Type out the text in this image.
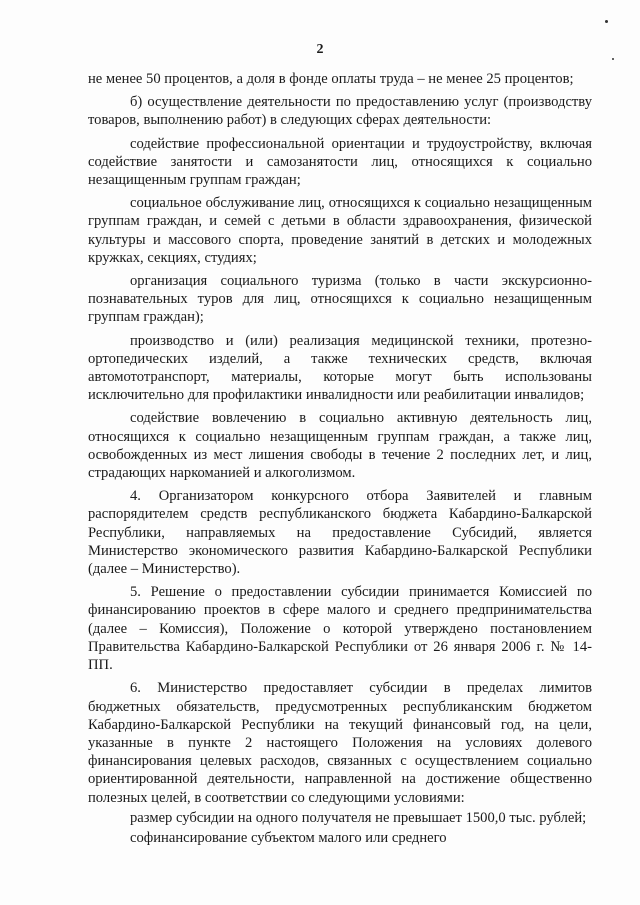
2

не менее 50 процентов, а доля в фонде оплаты труда – не менее 25 процентов;

б) осуществление деятельности по предоставлению услуг (производству товаров, выполнению работ) в следующих сферах деятельности:

содействие профессиональной ориентации и трудоустройству, включая содействие занятости и самозанятости лиц, относящихся к социально незащищенным группам граждан;

социальное обслуживание лиц, относящихся к социально незащищенным группам граждан, и семей с детьми в области здравоохранения, физической культуры и массового спорта, проведение занятий в детских и молодежных кружках, секциях, студиях;

организация социального туризма (только в части экскурсионно-познавательных туров для лиц, относящихся к социально незащищенным группам граждан);

производство и (или) реализация медицинской техники, протезно-ортопедических изделий, а также технических средств, включая автомототранспорт, материалы, которые могут быть использованы исключительно для профилактики инвалидности или реабилитации инвалидов;

содействие вовлечению в социально активную деятельность лиц, относящихся к социально незащищенным группам граждан, а также лиц, освобожденных из мест лишения свободы в течение 2 последних лет, и лиц, страдающих наркоманией и алкоголизмом.

4. Организатором конкурсного отбора Заявителей и главным распорядителем средств республиканского бюджета Кабардино-Балкарской Республики, направляемых на предоставление Субсидий, является Министерство экономического развития Кабардино-Балкарской Республики (далее – Министерство).

5. Решение о предоставлении субсидии принимается Комиссией по финансированию проектов в сфере малого и среднего предпринимательства (далее – Комиссия), Положение о которой утверждено постановлением Правительства Кабардино-Балкарской Республики от 26 января 2006 г. № 14-ПП.

6. Министерство предоставляет субсидии в пределах лимитов бюджетных обязательств, предусмотренных республиканским бюджетом Кабардино-Балкарской Республики на текущий финансовый год, на цели, указанные в пункте 2 настоящего Положения на условиях долевого финансирования целевых расходов, связанных с осуществлением социально ориентированной деятельности, направленной на достижение общественно полезных целей, в соответствии со следующими условиями:

размер субсидии на одного получателя не превышает 1500,0 тыс. рублей;

софинансирование субъектом малого или среднего
